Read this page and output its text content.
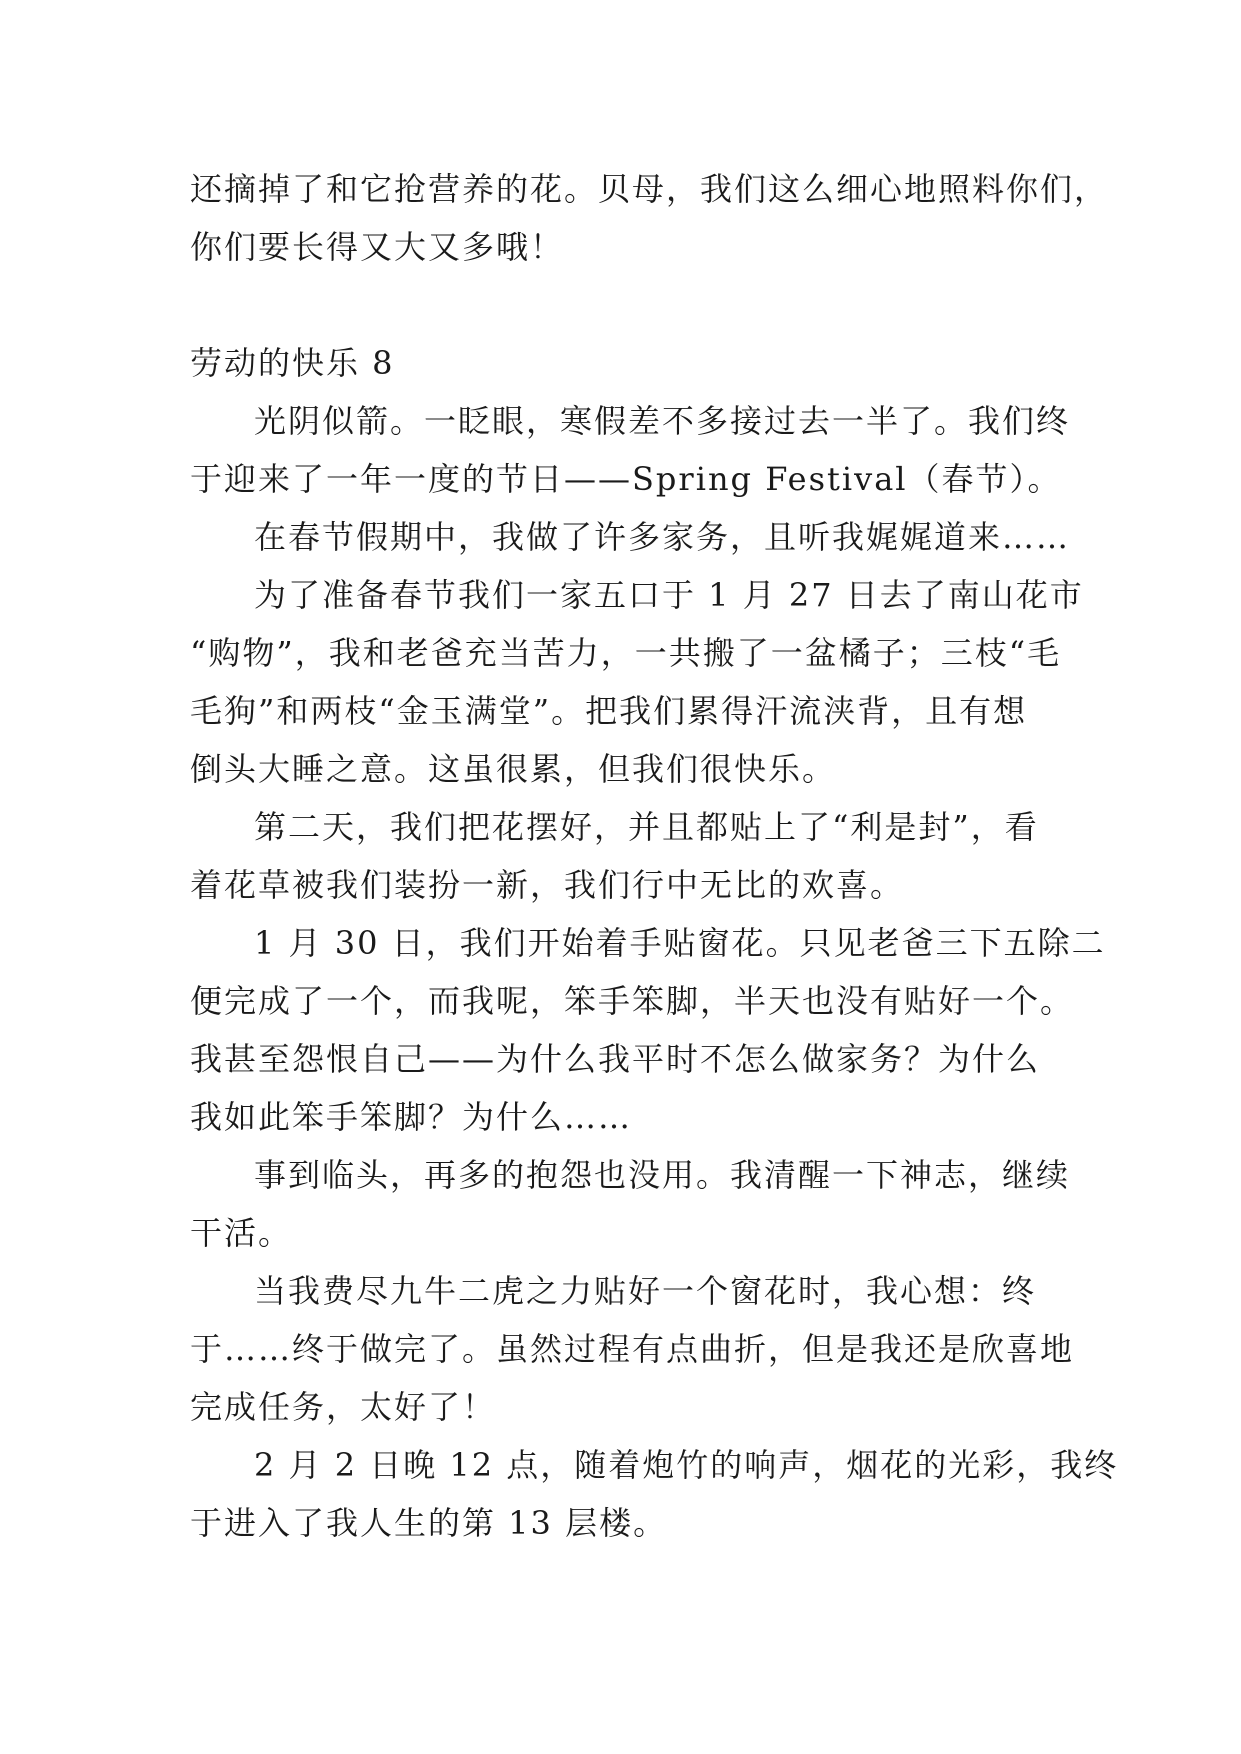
还摘掉了和它抢营养的花。贝母，我们这么细心地照料你们，
你们要长得又大又多哦！
劳动的快乐 8
光阴似箭。一眨眼，寒假差不多接过去一半了。我们终
于迎来了一年一度的节日——Spring Festival（春节）。
在春节假期中，我做了许多家务，且听我娓娓道来……
为了准备春节我们一家五口于 1 月 27 日去了南山花市
“购物”，我和老爸充当苦力，一共搬了一盆橘子；三枝“毛
毛狗”和两枝“金玉满堂”。把我们累得汗流浃背，且有想
倒头大睡之意。这虽很累，但我们很快乐。
第二天，我们把花摆好，并且都贴上了“利是封”，看
着花草被我们装扮一新，我们行中无比的欢喜。
1 月 30 日，我们开始着手贴窗花。只见老爸三下五除二
便完成了一个，而我呢，笨手笨脚，半天也没有贴好一个。
我甚至怨恨自己——为什么我平时不怎么做家务？为什么
我如此笨手笨脚？为什么……
事到临头，再多的抱怨也没用。我清醒一下神志，继续
干活。
当我费尽九牛二虎之力贴好一个窗花时，我心想：终
于……终于做完了。虽然过程有点曲折，但是我还是欣喜地
完成任务，太好了！
2 月 2 日晚 12 点，随着炮竹的响声，烟花的光彩，我终
于进入了我人生的第 13 层楼。
